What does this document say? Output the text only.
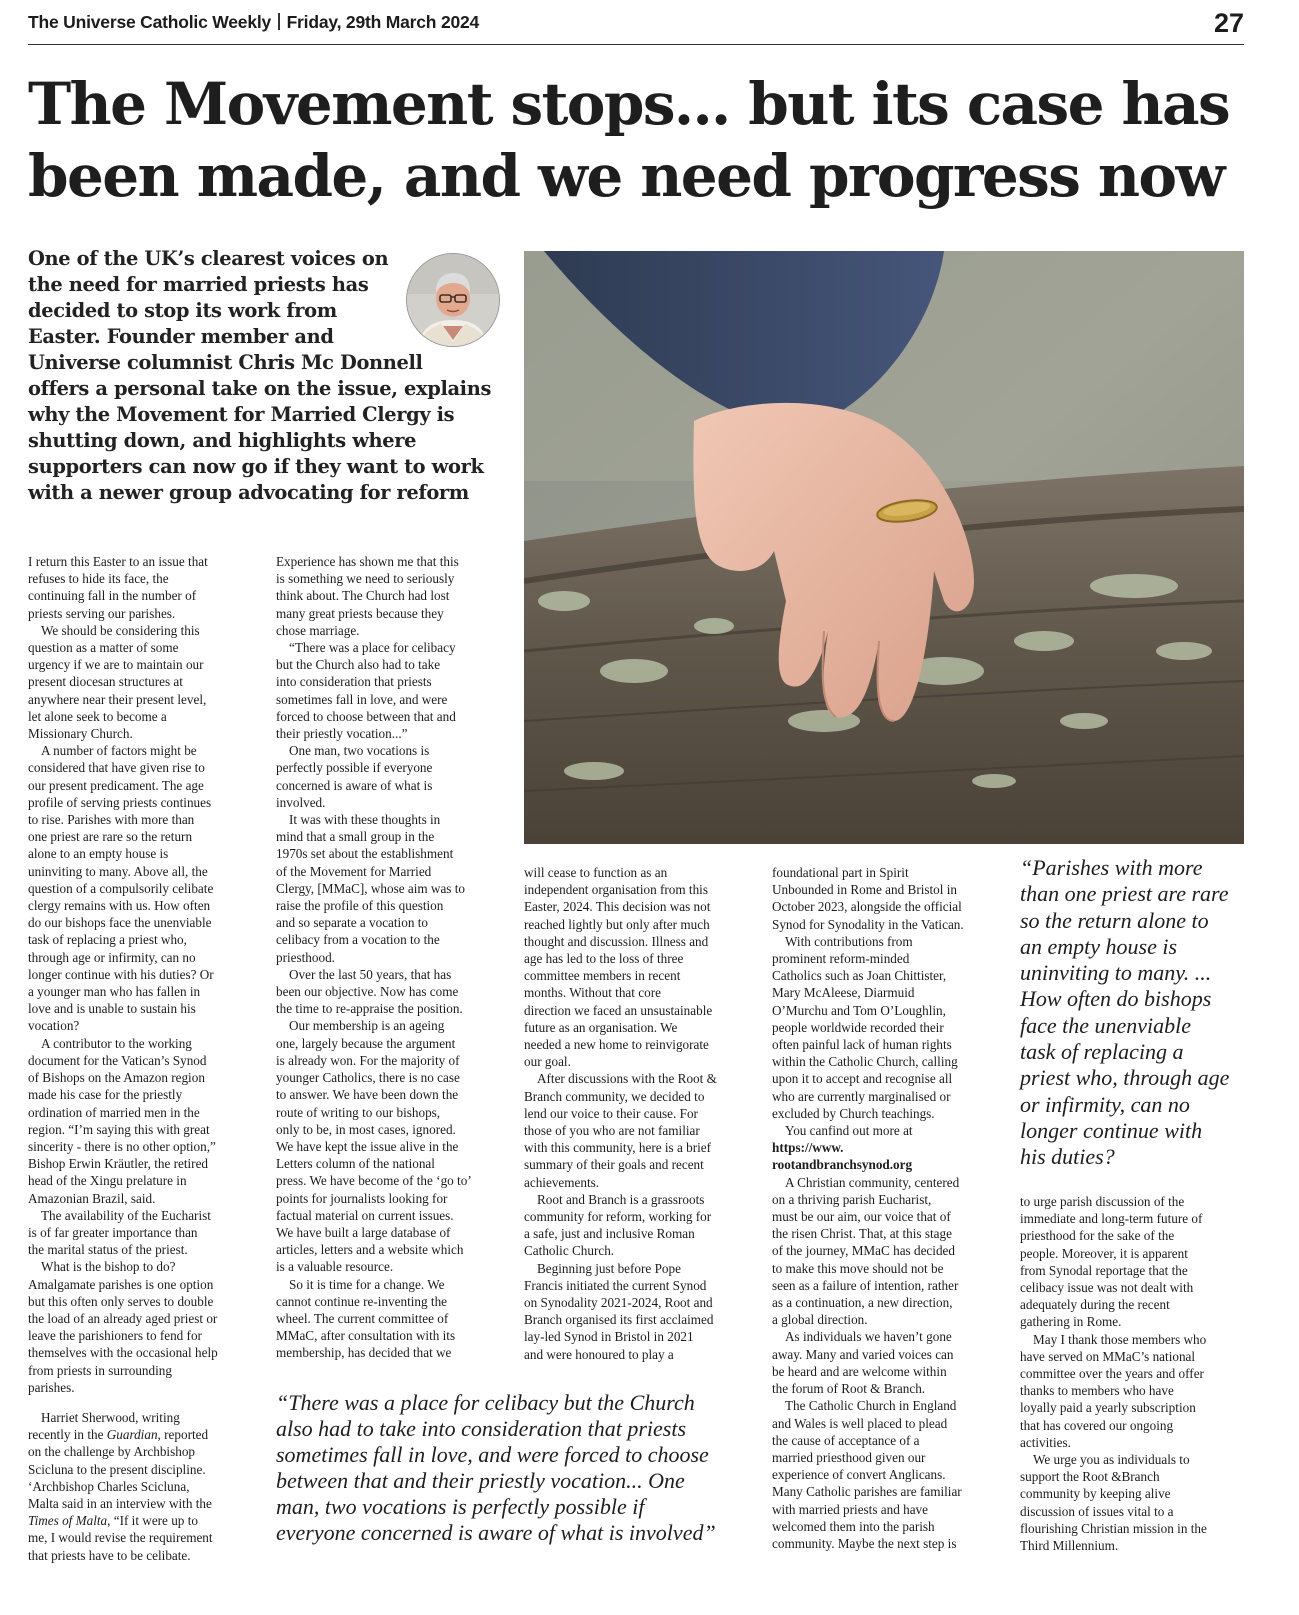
The Universe Catholic Weekly Friday, 29th March 2024	27
The Movement stops... but its case has
been made, and we need progress now
One of the UK’s clearest voices on
the need for married priests has
decided to stop its work from
Easter. Founder member and
Universe columnist Chris Mc Donnell
offers a personal take on the issue, explains
why the Movement for Married Clergy is
shutting down, and highlights where
supporters can now go if they want to work
with a newer group advocating for reform

I return this Easter to an issue that
refuses to hide its face, the
continuing fall in the number of
priests serving our parishes.

We should be considering this
question as a matter of some
urgency if we are to maintain our
present diocesan structures at
anywhere near their present level,
let alone seek to become a
Missionary Church.

A number of factors might be
considered that have given rise to
our present predicament. The age
profile of serving priests continues
to rise. Parishes with more than
one priest are rare so the return
alone to an empty house is
uninviting to many. Above all, the
question of a compulsorily celibate
clergy remains with us. How often
do our bishops face the unenviable
task of replacing a priest who,
through age or infirmity, can no
longer continue with his duties? Or
a younger man who has fallen in
love and is unable to sustain his
vocation?

A contributor to the working
document for the Vatican’s Synod
of Bishops on the Amazon region
made his case for the priestly
ordination of married men in the
region. “I’m saying this with great
sincerity - there is no other option,”
Bishop Erwin Kräutler, the retired
head of the Xingu prelature in
Amazonian Brazil, said.

The availability of the Eucharist
is of far greater importance than
the marital status of the priest.

What is the bishop to do?
Amalgamate parishes is one option
but this often only serves to double
the load of an already aged priest or
leave the parishioners to fend for
themselves with the occasional help
from priests in surrounding
parishes.

Harriet Sherwood, writing
recently in the Guardian, reported
on the challenge by Archbishop
Scicluna to the present discipline.
‘Archbishop Charles Scicluna,
Malta said in an interview with the
Times of Malta, “If it were up to
me, I would revise the requirement
that priests have to be celibate.

Experience has shown me that this
is something we need to seriously
think about. The Church had lost
many great priests because they
chose marriage.

“There was a place for celibacy
but the Church also had to take
into consideration that priests
sometimes fall in love, and were
forced to choose between that and
their priestly vocation...”

One man, two vocations is
perfectly possible if everyone
concerned is aware of what is
involved.

It was with these thoughts in
mind that a small group in the
1970s set about the establishment
of the Movement for Married
Clergy, [MMaC], whose aim was to
raise the profile of this question
and so separate a vocation to
celibacy from a vocation to the
priesthood.

Over the last 50 years, that has
been our objective. Now has come
the time to re-appraise the position.

Our membership is an ageing
one, largely because the argument
is already won. For the majority of
younger Catholics, there is no case
to answer. We have been down the
route of writing to our bishops,
only to be, in most cases, ignored.
We have kept the issue alive in the
Letters column of the national
press. We have become of the ‘go to’
points for journalists looking for
factual material on current issues.
We have built a large database of
articles, letters and a website which
is a valuable resource.

So it is time for a change. We
cannot continue re-inventing the
wheel. The current committee of
MMaC, after consultation with its
membership, has decided that we

will cease to function as an
independent organisation from this
Easter, 2024. This decision was not
reached lightly but only after much
thought and discussion. Illness and
age has led to the loss of three
committee members in recent
months. Without that core
direction we faced an unsustainable
future as an organisation. We
needed a new home to reinvigorate
our goal.

After discussions with the Root &
Branch community, we decided to
lend our voice to their cause. For
those of you who are not familiar
with this community, here is a brief
summary of their goals and recent
achievements.

Root and Branch is a grassroots
community for reform, working for
a safe, just and inclusive Roman
Catholic Church.

Beginning just before Pope
Francis initiated the current Synod
on Synodality 2021-2024, Root and
Branch organised its first acclaimed
lay-led Synod in Bristol in 2021
and were honoured to play a

foundational part in Spirit
Unbounded in Rome and Bristol in
October 2023, alongside the official
Synod for Synodality in the Vatican.

With contributions from
prominent reform-minded
Catholics such as Joan Chittister,
Mary McAleese, Diarmuid
O’Murchu and Tom O’Loughlin,
people worldwide recorded their
often painful lack of human rights
within the Catholic Church, calling
upon it to accept and recognise all
who are currently marginalised or
excluded by Church teachings.

You canfind out more at
https://www.
rootandbranchsynod.org

A Christian community, centered
on a thriving parish Eucharist,
must be our aim, our voice that of
the risen Christ. That, at this stage
of the journey, MMaC has decided
to make this move should not be
seen as a failure of intention, rather
as a continuation, a new direction,
a global direction.

As individuals we haven’t gone
away. Many and varied voices can
be heard and are welcome within
the forum of Root & Branch.

The Catholic Church in England
and Wales is well placed to plead
the cause of acceptance of a
married priesthood given our
experience of convert Anglicans.
Many Catholic parishes are familiar
with married priests and have
welcomed them into the parish
community. Maybe the next step is

to urge parish discussion of the
immediate and long-term future of
priesthood for the sake of the
people. Moreover, it is apparent
from Synodal reportage that the
celibacy issue was not dealt with
adequately during the recent
gathering in Rome.

May I thank those members who
have served on MMaC’s national
committee over the years and offer
thanks to members who have
loyally paid a yearly subscription
that has covered our ongoing
activities.

We urge you as individuals to
support the Root &Branch
community by keeping alive
discussion of issues vital to a
flourishing Christian mission in the
Third Millennium.

“Parishes with more
than one priest are rare
so the return alone to
an empty house is
uninviting to many. ...
How often do bishops
face the unenviable
task of replacing a
priest who, through age
or infirmity, can no
longer continue with
his duties?
“There was a place for celibacy but the Church
also had to take into consideration that priests
sometimes fall in love, and were forced to choose
between that and their priestly vocation... One
man, two vocations is perfectly possible if
everyone concerned is aware of what is involved”
